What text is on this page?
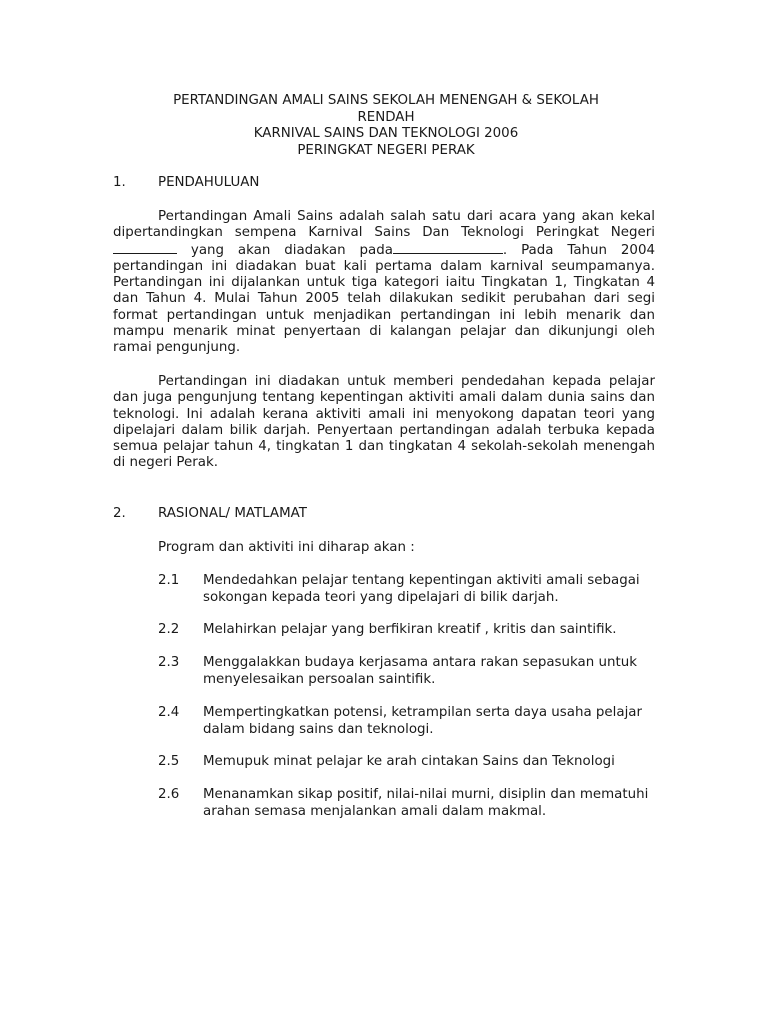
PERTANDINGAN AMALI SAINS SEKOLAH MENENGAH & SEKOLAH
RENDAH
KARNIVAL SAINS DAN TEKNOLOGI 2006
PERINGKAT NEGERI PERAK
1.	PENDAHULUAN
Pertandingan Amali Sains adalah salah satu dari acara yang akan kekal dipertandingkan sempena Karnival Sains Dan Teknologi Peringkat Negeri  yang akan diadakan pada	. Pada Tahun 2004 pertandingan ini diadakan buat kali pertama dalam karnival seumpamanya. Pertandingan ini dijalankan untuk tiga kategori iaitu Tingkatan 1, Tingkatan 4 dan Tahun 4. Mulai Tahun 2005 telah dilakukan sedikit perubahan dari segi format pertandingan untuk menjadikan pertandingan ini lebih menarik dan mampu menarik minat penyertaan di kalangan pelajar dan dikunjungi oleh ramai pengunjung.
Pertandingan ini diadakan untuk memberi pendedahan kepada pelajar dan juga pengunjung tentang kepentingan aktiviti amali dalam dunia sains dan teknologi. Ini adalah kerana aktiviti amali ini menyokong dapatan teori yang dipelajari dalam bilik darjah. Penyertaan pertandingan adalah terbuka kepada semua pelajar tahun 4, tingkatan 1 dan tingkatan 4 sekolah-sekolah menengah di negeri Perak.
2.	RASIONAL/ MATLAMAT
Program dan aktiviti ini diharap akan :
2.1	Mendedahkan pelajar tentang kepentingan aktiviti amali sebagai sokongan kepada teori yang dipelajari di bilik darjah.
2.2	Melahirkan pelajar yang berfikiran kreatif , kritis dan saintifik.
2.3	Menggalakkan budaya kerjasama antara rakan sepasukan untuk menyelesaikan persoalan saintifik.
2.4	Mempertingkatkan potensi, ketrampilan serta daya usaha pelajar dalam bidang sains dan teknologi.
2.5	Memupuk minat pelajar ke arah cintakan Sains dan Teknologi
2.6	Menanamkan sikap positif, nilai-nilai murni, disiplin dan mematuhi arahan semasa menjalankan amali dalam makmal.
